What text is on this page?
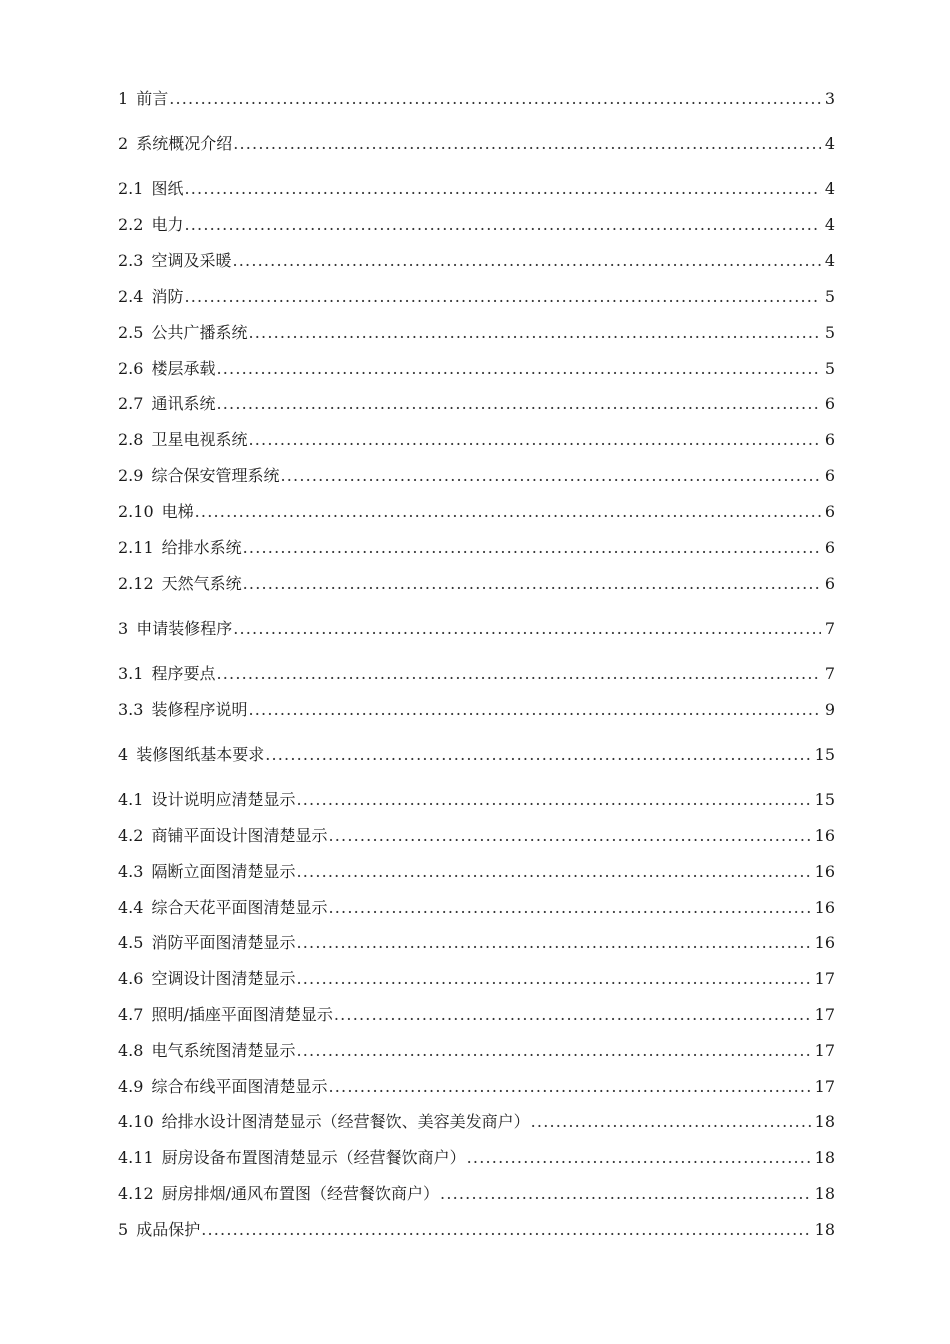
1 前言 .....	3
2 系统概况介绍 .....	4
2.1 图纸 .....	4
2.2 电力 .....	4
2.3 空调及采暖 .....	4
2.4 消防 .....	5
2.5 公共广播系统 .....	5
2.6 楼层承载 .....	5
2.7 通讯系统 .....	6
2.8 卫星电视系统 .....	6
2.9 综合保安管理系统 .....	6
2.10 电梯 .....	6
2.11 给排水系统 .....	6
2.12 天然气系统 .....	6
3 申请装修程序 .....	7
3.1 程序要点 .....	7
3.3 装修程序说明 .....	9
4 装修图纸基本要求 .....	15
4.1 设计说明应清楚显示 .....	15
4.2 商铺平面设计图清楚显示 .....	16
4.3 隔断立面图清楚显示 .....	16
4.4 综合天花平面图清楚显示 .....	16
4.5 消防平面图清楚显示 .....	16
4.6 空调设计图清楚显示 .....	17
4.7 照明/插座平面图清楚显示 .....	17
4.8 电气系统图清楚显示 .....	17
4.9 综合布线平面图清楚显示 .....	17
4.10 给排水设计图清楚显示（经营餐饮、美容美发商户） .....	18
4.11 厨房设备布置图清楚显示（经营餐饮商户） .....	18
4.12 厨房排烟/通风布置图（经营餐饮商户） .....	18
5 成品保护 .....	18
